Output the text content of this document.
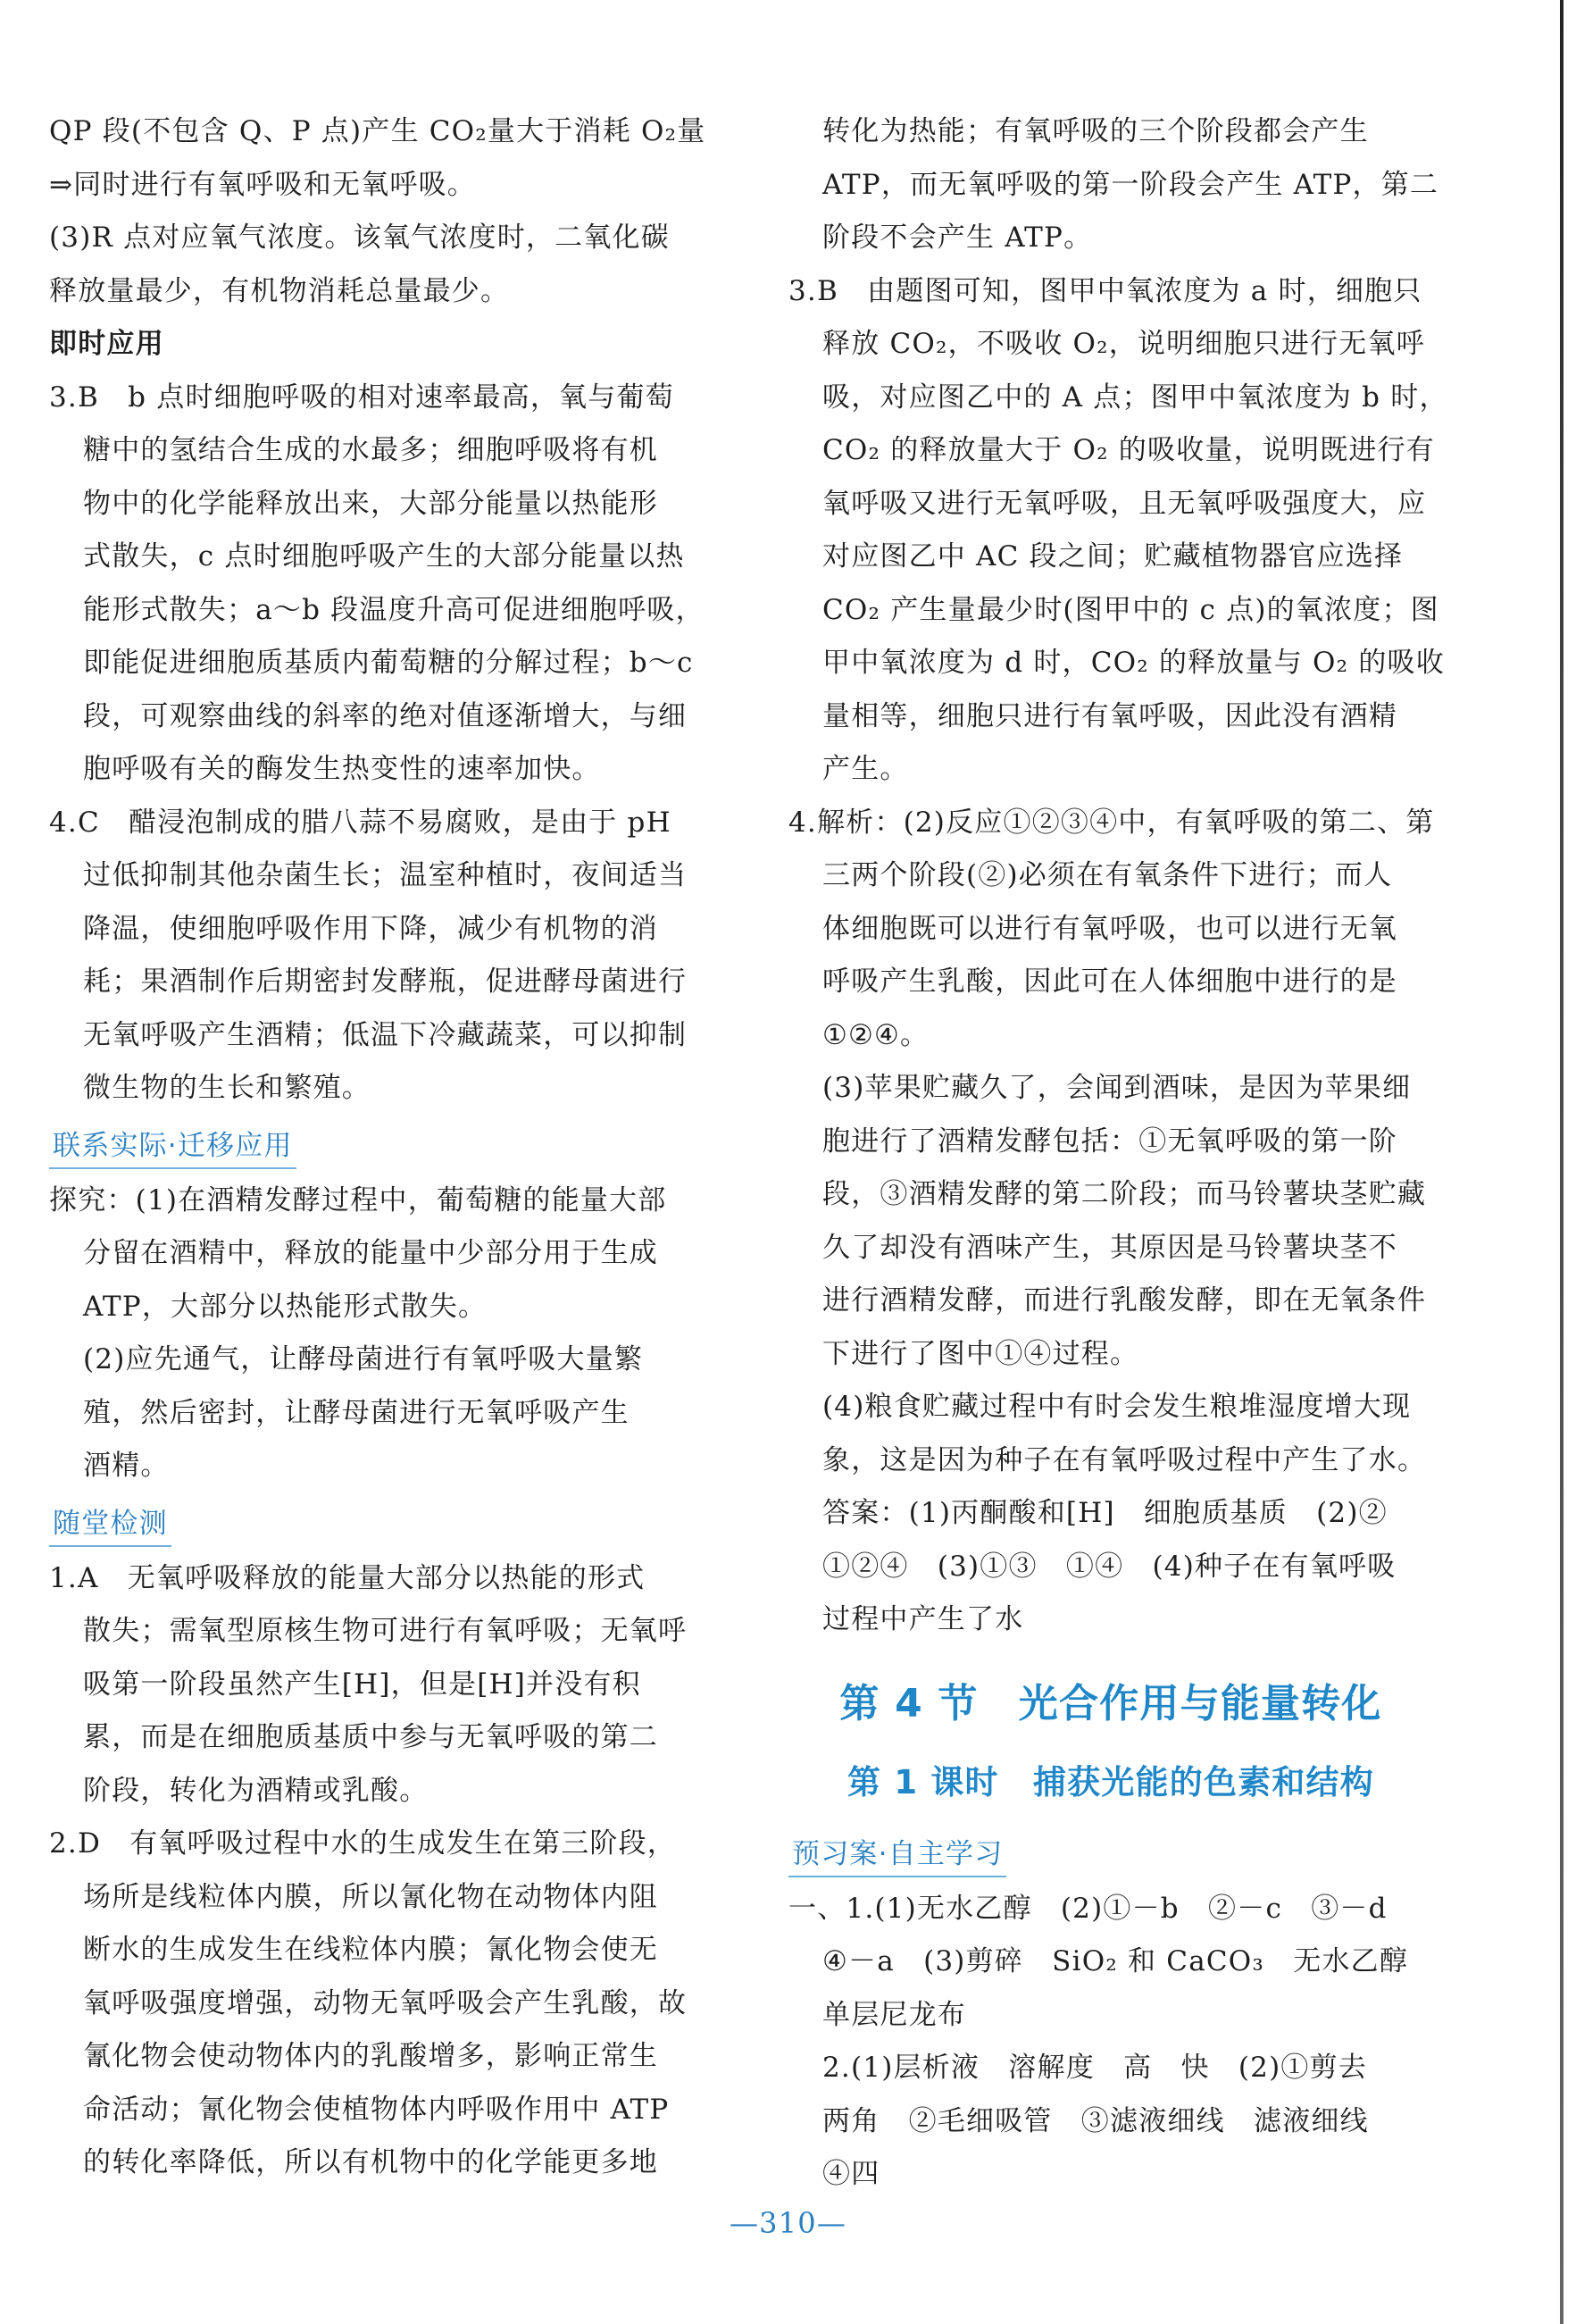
QP 段(不包含 Q、P 点)产生 CO₂量大于消耗 O₂量
⇒同时进行有氧呼吸和无氧呼吸。
(3)R 点对应氧气浓度。该氧气浓度时，二氧化碳
释放量最少，有机物消耗总量最少。
即时应用
3.B　b 点时细胞呼吸的相对速率最高，氧与葡萄
糖中的氢结合生成的水最多；细胞呼吸将有机
物中的化学能释放出来，大部分能量以热能形
式散失，c 点时细胞呼吸产生的大部分能量以热
能形式散失；a～b 段温度升高可促进细胞呼吸，
即能促进细胞质基质内葡萄糖的分解过程；b～c
段，可观察曲线的斜率的绝对值逐渐增大，与细
胞呼吸有关的酶发生热变性的速率加快。
4.C　醋浸泡制成的腊八蒜不易腐败，是由于 pH
过低抑制其他杂菌生长；温室种植时，夜间适当
降温，使细胞呼吸作用下降，减少有机物的消
耗；果酒制作后期密封发酵瓶，促进酵母菌进行
无氧呼吸产生酒精；低温下冷藏蔬菜，可以抑制
微生物的生长和繁殖。
联系实际·迁移应用
探究：(1)在酒精发酵过程中，葡萄糖的能量大部
分留在酒精中，释放的能量中少部分用于生成
ATP，大部分以热能形式散失。
(2)应先通气，让酵母菌进行有氧呼吸大量繁
殖，然后密封，让酵母菌进行无氧呼吸产生
酒精。
随堂检测
1.A　无氧呼吸释放的能量大部分以热能的形式
散失；需氧型原核生物可进行有氧呼吸；无氧呼
吸第一阶段虽然产生[H]，但是[H]并没有积
累，而是在细胞质基质中参与无氧呼吸的第二
阶段，转化为酒精或乳酸。
2.D　有氧呼吸过程中水的生成发生在第三阶段，
场所是线粒体内膜，所以氰化物在动物体内阻
断水的生成发生在线粒体内膜；氰化物会使无
氧呼吸强度增强，动物无氧呼吸会产生乳酸，故
氰化物会使动物体内的乳酸增多，影响正常生
命活动；氰化物会使植物体内呼吸作用中 ATP
的转化率降低，所以有机物中的化学能更多地
转化为热能；有氧呼吸的三个阶段都会产生
ATP，而无氧呼吸的第一阶段会产生 ATP，第二
阶段不会产生 ATP。
3.B　由题图可知，图甲中氧浓度为 a 时，细胞只
释放 CO₂，不吸收 O₂，说明细胞只进行无氧呼
吸，对应图乙中的 A 点；图甲中氧浓度为 b 时，
CO₂ 的释放量大于 O₂ 的吸收量，说明既进行有
氧呼吸又进行无氧呼吸，且无氧呼吸强度大，应
对应图乙中 AC 段之间；贮藏植物器官应选择
CO₂ 产生量最少时(图甲中的 c 点)的氧浓度；图
甲中氧浓度为 d 时，CO₂ 的释放量与 O₂ 的吸收
量相等，细胞只进行有氧呼吸，因此没有酒精
产生。
4.解析：(2)反应①②③④中，有氧呼吸的第二、第
三两个阶段(②)必须在有氧条件下进行；而人
体细胞既可以进行有氧呼吸，也可以进行无氧
呼吸产生乳酸，因此可在人体细胞中进行的是
①②④。
(3)苹果贮藏久了，会闻到酒味，是因为苹果细
胞进行了酒精发酵包括：①无氧呼吸的第一阶
段，③酒精发酵的第二阶段；而马铃薯块茎贮藏
久了却没有酒味产生，其原因是马铃薯块茎不
进行酒精发酵，而进行乳酸发酵，即在无氧条件
下进行了图中①④过程。
(4)粮食贮藏过程中有时会发生粮堆湿度增大现
象，这是因为种子在有氧呼吸过程中产生了水。
答案：(1)丙酮酸和[H]　细胞质基质　(2)②
①②④　(3)①③　①④　(4)种子在有氧呼吸
过程中产生了水
第 4 节　光合作用与能量转化
第 1 课时　捕获光能的色素和结构
预习案·自主学习
一、1.(1)无水乙醇　(2)①－b　②－c　③－d
④－a　(3)剪碎　SiO₂ 和 CaCO₃　无水乙醇
单层尼龙布
2.(1)层析液　溶解度　高　快　(2)①剪去
两角　②毛细吸管　③滤液细线　滤液细线
④四
—310—
